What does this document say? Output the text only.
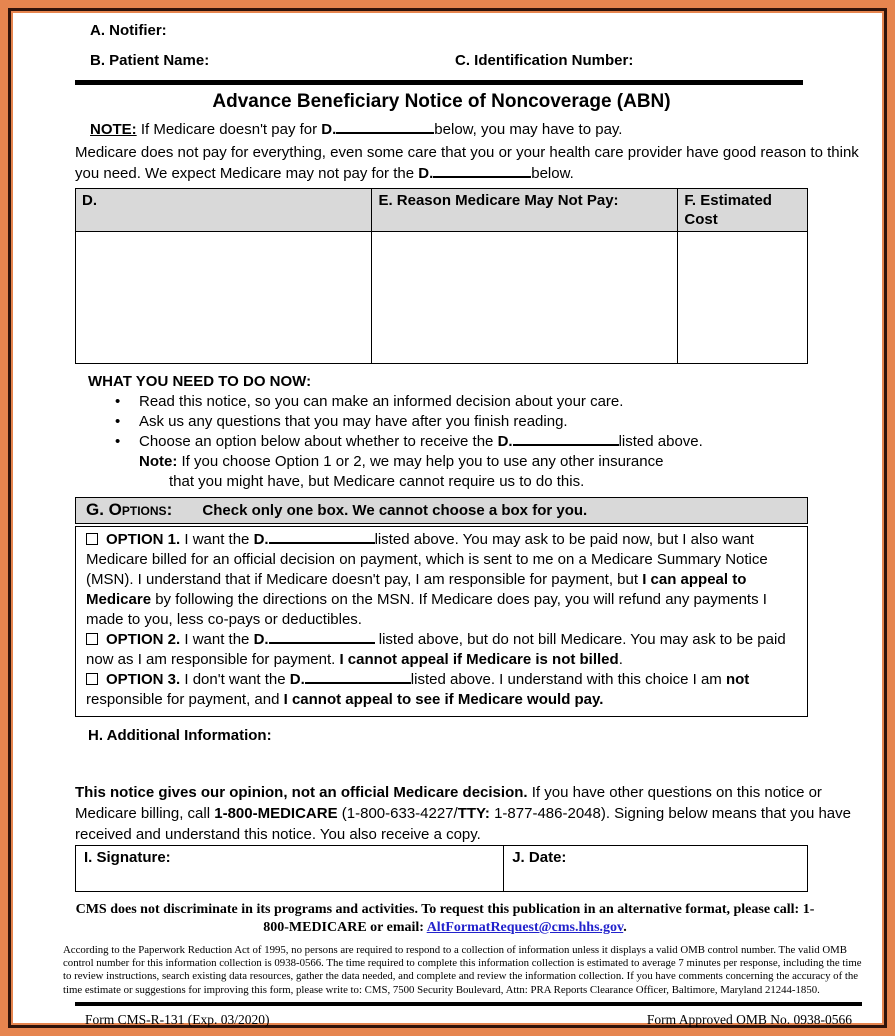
A. Notifier:
B. Patient Name:	C. Identification Number:
Advance Beneficiary Notice of Noncoverage (ABN)
NOTE: If Medicare doesn't pay for D.	below, you may have to pay.
Medicare does not pay for everything, even some care that you or your health care provider have good reason to think you need. We expect Medicare may not pay for the D.	below.
D.	E. Reason Medicare May Not Pay:	F. Estimated Cost

WHAT YOU NEED TO DO NOW:
•	Read this notice, so you can make an informed decision about your care.
•	Ask us any questions that you may have after you finish reading.
•	Choose an option below about whether to receive the D.	listed above.
Note: If you choose Option 1 or 2, we may help you to use any other insurance
that you might have, but Medicare cannot require us to do this.
G. Options: Check only one box. We cannot choose a box for you.
OPTION 1. I want the D.	listed above. You may ask to be paid now, but I also want Medicare billed for an official decision on payment, which is sent to me on a Medicare Summary Notice (MSN). I understand that if Medicare doesn't pay, I am responsible for payment, but I can appeal to Medicare by following the directions on the MSN. If Medicare does pay, you will refund any payments I made to you, less co-pays or deductibles.
OPTION 2. I want the D.	listed above, but do not bill Medicare. You may ask to be paid now as I am responsible for payment. I cannot appeal if Medicare is not billed.
OPTION 3. I don't want the D.	listed above. I understand with this choice I am not responsible for payment, and I cannot appeal to see if Medicare would pay.
H. Additional Information:
This notice gives our opinion, not an official Medicare decision. If you have other questions on this notice or Medicare billing, call 1-800-MEDICARE (1-800-633-4227/TTY: 1-877-486-2048). Signing below means that you have received and understand this notice. You also receive a copy.
I. Signature:	J. Date:
CMS does not discriminate in its programs and activities. To request this publication in an alternative format, please call: 1-800-MEDICARE or email: AltFormatRequest@cms.hhs.gov.
According to the Paperwork Reduction Act of 1995, no persons are required to respond to a collection of information unless it displays a valid OMB control number. The valid OMB control number for this information collection is 0938-0566. The time required to complete this information collection is estimated to average 7 minutes per response, including the time to review instructions, search existing data resources, gather the data needed, and complete and review the information collection. If you have comments concerning the accuracy of the time estimate or suggestions for improving this form, please write to: CMS, 7500 Security Boulevard, Attn: PRA Reports Clearance Officer, Baltimore, Maryland 21244-1850.
Form CMS-R-131 (Exp. 03/2020)	Form Approved OMB No. 0938-0566
